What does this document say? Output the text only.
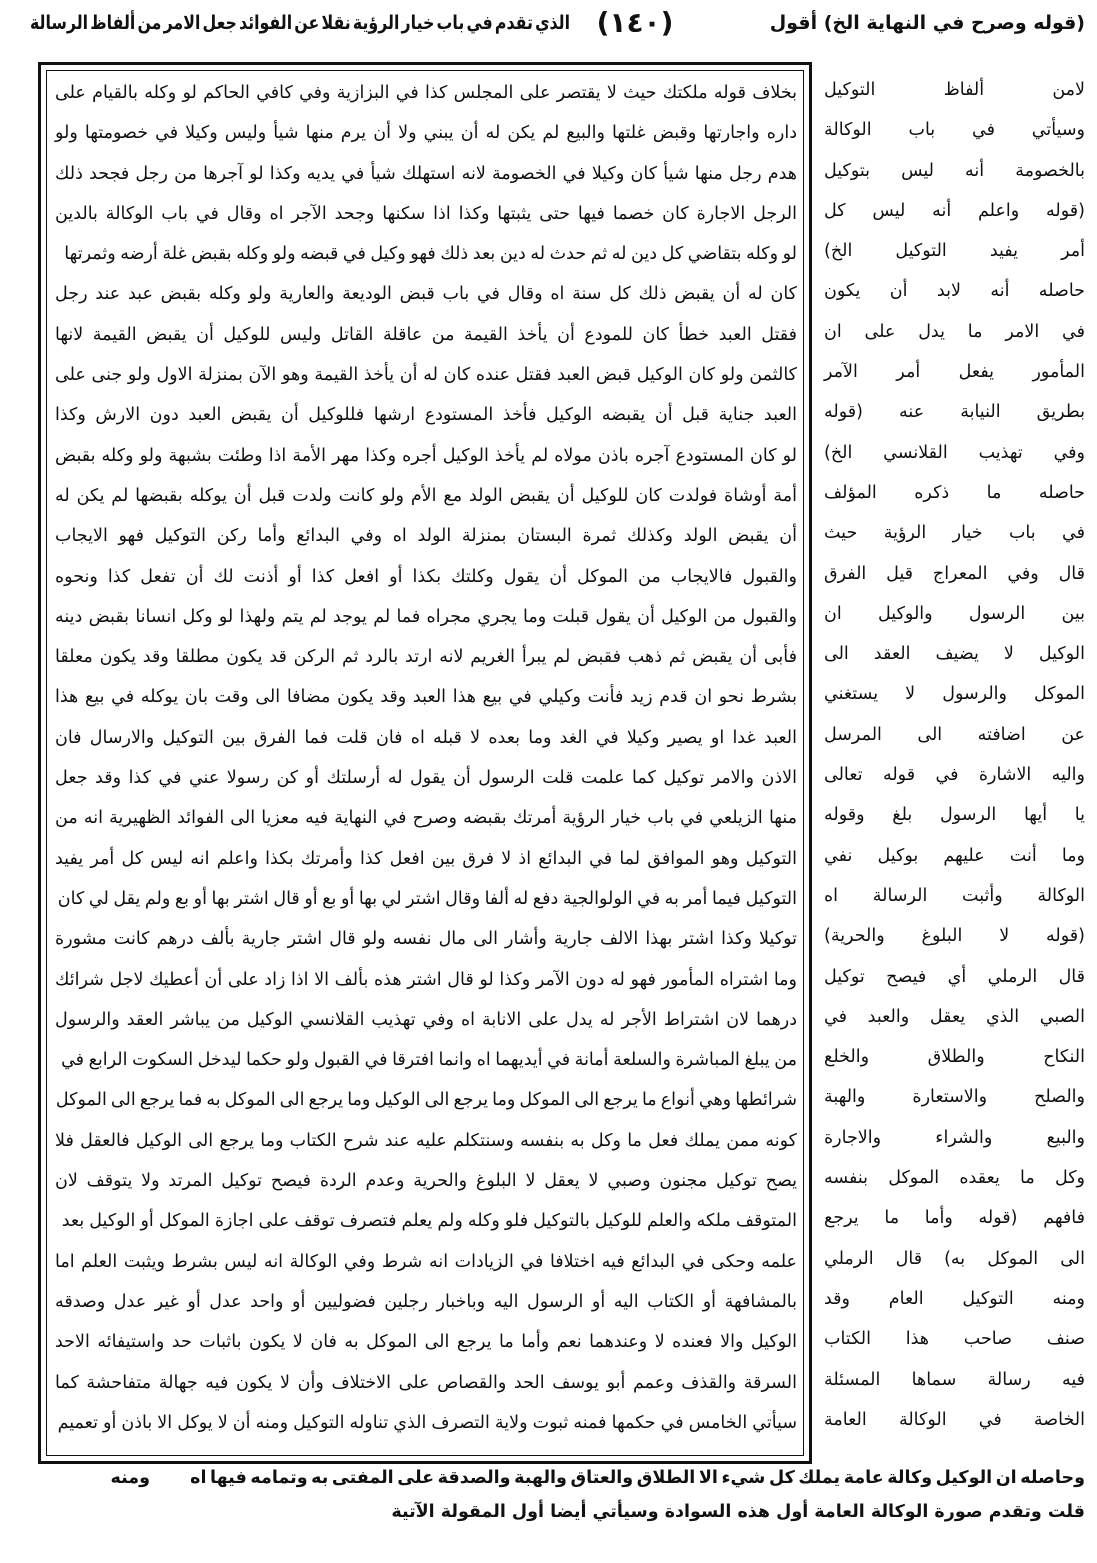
(قوله وصرح في النهاية الخ) أقول
(١٤٠)
الذي تقدم في باب خيار الرؤية نقلا عن الفوائد جعل الامر من ألفاظ الرسالة
بخلاف قوله ملكتك حيث لا يقتصر على المجلس كذا في البزازية وفي كافي الحاكم لو وكله بالقيام على
داره واجارتها وقبض غلتها والبيع لم يكن له أن يبني ولا أن يرم منها شيأ وليس وكيلا في خصومتها ولو
هدم رجل منها شيأ كان وكيلا في الخصومة لانه استهلك شيأ في يديه وكذا لو آجرها من رجل فجحد ذلك
الرجل الاجارة كان خصما فيها حتى يثبتها وكذا اذا سكنها وجحد الآجر اه وقال في باب الوكالة بالدين
لو وكله بتقاضي كل دين له ثم حدث له دين بعد ذلك فهو وكيل في قبضه ولو وكله بقبض غلة أرضه وثمرتها
كان له أن يقبض ذلك كل سنة اه وقال في باب قبض الوديعة والعارية ولو وكله بقبض عبد عند رجل
فقتل العبد خطأ كان للمودع أن يأخذ القيمة من عاقلة القاتل وليس للوكيل أن يقبض القيمة لانها
كالثمن ولو كان الوكيل قبض العبد فقتل عنده كان له أن يأخذ القيمة وهو الآن بمنزلة الاول ولو جنى على
العبد جناية قبل أن يقبضه الوكيل فأخذ المستودع ارشها فللوكيل أن يقبض العبد دون الارش وكذا
لو كان المستودع آجره باذن مولاه لم يأخذ الوكيل أجره وكذا مهر الأمة اذا وطئت بشبهة ولو وكله بقبض
أمة أوشاة فولدت كان للوكيل أن يقبض الولد مع الأم ولو كانت ولدت قبل أن يوكله بقبضها لم يكن له
أن يقبض الولد وكذلك ثمرة البستان بمنزلة الولد اه وفي البدائع وأما ركن التوكيل فهو الايجاب
والقبول فالايجاب من الموكل أن يقول وكلتك بكذا أو افعل كذا أو أذنت لك أن تفعل كذا ونحوه
والقبول من الوكيل أن يقول قبلت وما يجري مجراه فما لم يوجد لم يتم ولهذا لو وكل انسانا بقبض دينه
فأبى أن يقبض ثم ذهب فقبض لم يبرأ الغريم لانه ارتد بالرد ثم الركن قد يكون مطلقا وقد يكون معلقا
بشرط نحو ان قدم زيد فأنت وكيلي في بيع هذا العبد وقد يكون مضافا الى وقت بان يوكله في بيع هذا
العبد غدا او يصير وكيلا في الغد وما بعده لا قبله اه فان قلت فما الفرق بين التوكيل والارسال فان
الاذن والامر توكيل كما علمت قلت الرسول أن يقول له أرسلتك أو كن رسولا عني في كذا وقد جعل
منها الزيلعي في باب خيار الرؤية أمرتك بقبضه وصرح في النهاية فيه معزيا الى الفوائد الظهيرية انه من
التوكيل وهو الموافق لما في البدائع اذ لا فرق بين افعل كذا وأمرتك بكذا واعلم انه ليس كل أمر يفيد
التوكيل فيما أمر به في الولوالجية دفع له ألفا وقال اشتر لي بها أو بع أو قال اشتر بها أو بع ولم يقل لي كان
توكيلا وكذا اشتر بهذا الالف جارية وأشار الى مال نفسه ولو قال اشتر جارية بألف درهم كانت مشورة
وما اشتراه المأمور فهو له دون الآمر وكذا لو قال اشتر هذه بألف الا اذا زاد على أن أعطيك لاجل شرائك
درهما لان اشتراط الأجر له يدل على الانابة اه وفي تهذيب القلانسي الوكيل من يباشر العقد والرسول
من يبلغ المباشرة والسلعة أمانة في أيديهما اه وانما افترقا في القبول ولو حكما ليدخل السكوت الرابع في
شرائطها وهي أنواع ما يرجع الى الموكل وما يرجع الى الوكيل وما يرجع الى الموكل به فما يرجع الى الموكل
كونه ممن يملك فعل ما وكل به بنفسه وسنتكلم عليه عند شرح الكتاب وما يرجع الى الوكيل فالعقل فلا
يصح توكيل مجنون وصبي لا يعقل لا البلوغ والحرية وعدم الردة فيصح توكيل المرتد ولا يتوقف لان
المتوقف ملكه والعلم للوكيل بالتوكيل فلو وكله ولم يعلم فتصرف توقف على اجازة الموكل أو الوكيل بعد
علمه وحكى في البدائع فيه اختلافا في الزيادات انه شرط وفي الوكالة انه ليس بشرط ويثبت العلم اما
بالمشافهة أو الكتاب اليه أو الرسول اليه وباخبار رجلين فضوليين أو واحد عدل أو غير عدل وصدقه
الوكيل والا فعنده لا وعندهما نعم وأما ما يرجع الى الموكل به فان لا يكون باثبات حد واستيفائه الاحد
السرقة والقذف وعمم أبو يوسف الحد والقصاص على الاختلاف وأن لا يكون فيه جهالة متفاحشة كما
سيأتي الخامس في حكمها فمنه ثبوت ولاية التصرف الذي تناوله التوكيل ومنه أن لا يوكل الا باذن أو تعميم
لامن ألفاظ التوكيل
وسيأتي في باب الوكالة
بالخصومة أنه ليس بتوكيل
(قوله واعلم أنه ليس كل
أمر يفيد التوكيل الخ)
حاصله أنه لابد أن يكون
في الامر ما يدل على ان
المأمور يفعل أمر الآمر
بطريق النيابة عنه (قوله
وفي تهذيب القلانسي الخ)
حاصله ما ذكره المؤلف
في باب خيار الرؤية حيث
قال وفي المعراج قيل الفرق
بين الرسول والوكيل ان
الوكيل لا يضيف العقد الى
الموكل والرسول لا يستغني
عن اضافته الى المرسل
واليه الاشارة في قوله تعالى
يا أيها الرسول بلغ وقوله
وما أنت عليهم بوكيل نفي
الوكالة وأثبت الرسالة اه
(قوله لا البلوغ والحرية)
قال الرملي أي فيصح توكيل
الصبي الذي يعقل والعبد في
النكاح والطلاق والخلع
والصلح والاستعارة والهبة
والبيع والشراء والاجارة
وكل ما يعقده الموكل بنفسه
فافهم (قوله وأما ما يرجع
الى الموكل به) قال الرملي
ومنه التوكيل العام وقد
صنف صاحب هذا الكتاب
فيه رسالة سماها المسئلة
الخاصة في الوكالة العامة
وحاصله ان الوكيل وكالة عامة يملك كل شيء الا الطلاق والعتاق والهبة والصدقة على المفتى به وتمامه فيها اه
ومنه
قلت وتقدم صورة الوكالة العامة أول هذه السوادة وسيأتي أيضا أول المقولة الآتية
